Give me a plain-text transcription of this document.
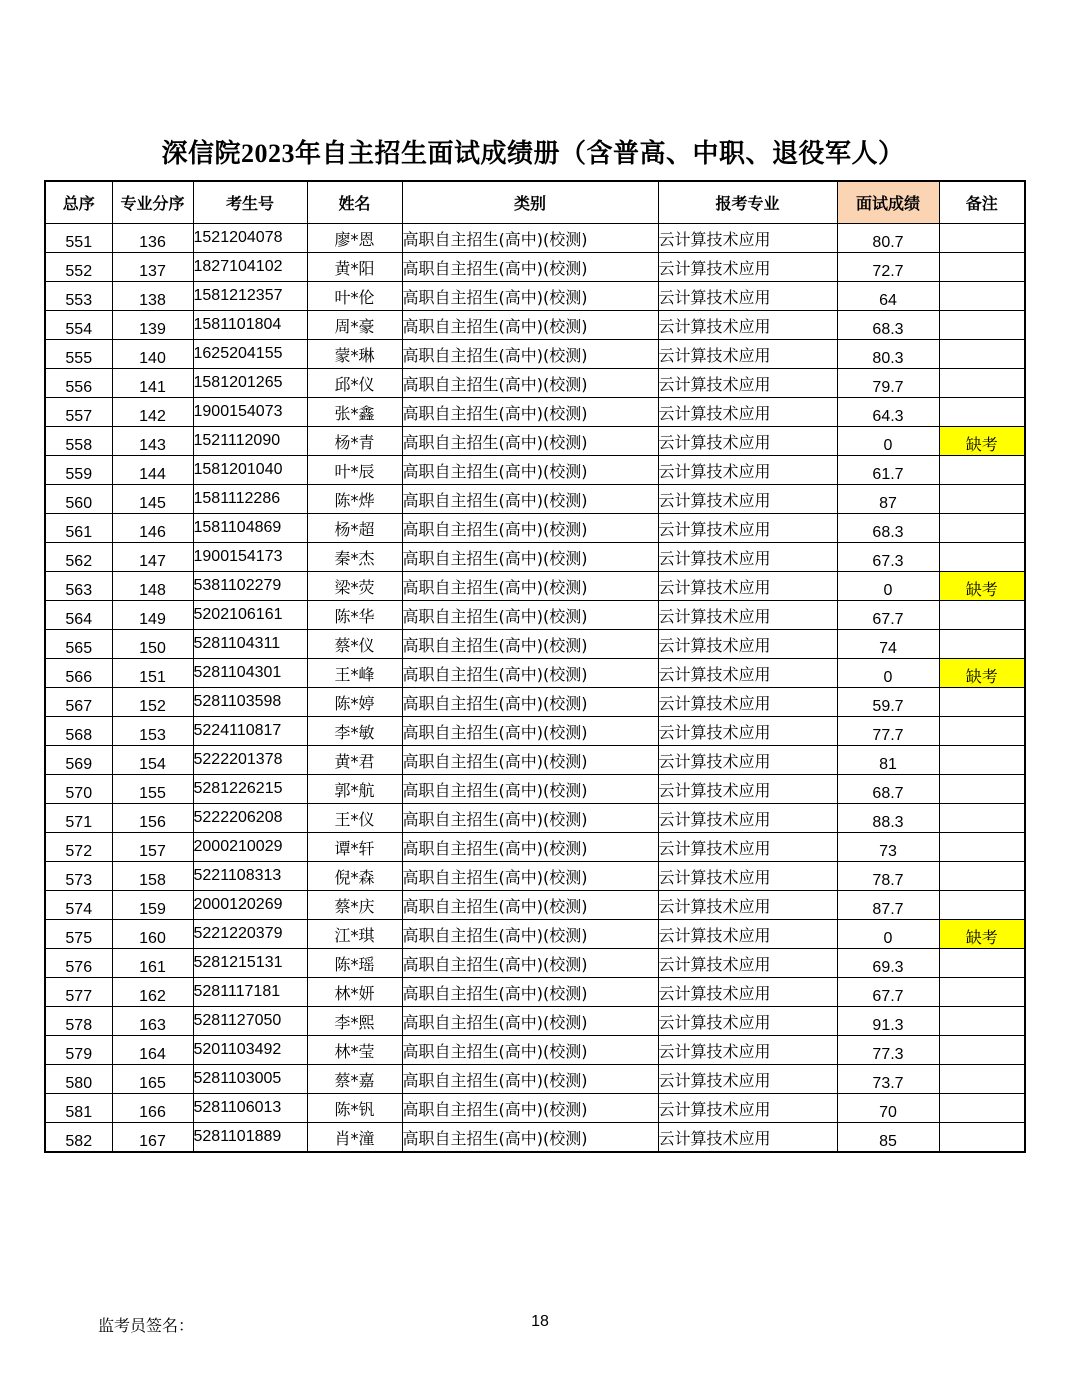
深信院2023年自主招生面试成绩册（含普高、中职、退役军人）
总序	专业分序	考生号	姓名	类别	报考专业	面试成绩	备注
551	136	1521204078	廖*恩	高职自主招生(高中)(校测)	云计算技术应用	80.7	
552	137	1827104102	黄*阳	高职自主招生(高中)(校测)	云计算技术应用	72.7	
553	138	1581212357	叶*伦	高职自主招生(高中)(校测)	云计算技术应用	64	
554	139	1581101804	周*豪	高职自主招生(高中)(校测)	云计算技术应用	68.3	
555	140	1625204155	蒙*琳	高职自主招生(高中)(校测)	云计算技术应用	80.3	
556	141	1581201265	邱*仪	高职自主招生(高中)(校测)	云计算技术应用	79.7	
557	142	1900154073	张*鑫	高职自主招生(高中)(校测)	云计算技术应用	64.3	
558	143	1521112090	杨*青	高职自主招生(高中)(校测)	云计算技术应用	0	缺考
559	144	1581201040	叶*辰	高职自主招生(高中)(校测)	云计算技术应用	61.7	
560	145	1581112286	陈*烨	高职自主招生(高中)(校测)	云计算技术应用	87	
561	146	1581104869	杨*超	高职自主招生(高中)(校测)	云计算技术应用	68.3	
562	147	1900154173	秦*杰	高职自主招生(高中)(校测)	云计算技术应用	67.3	
563	148	5381102279	梁*荧	高职自主招生(高中)(校测)	云计算技术应用	0	缺考
564	149	5202106161	陈*华	高职自主招生(高中)(校测)	云计算技术应用	67.7	
565	150	5281104311	蔡*仪	高职自主招生(高中)(校测)	云计算技术应用	74	
566	151	5281104301	王*峰	高职自主招生(高中)(校测)	云计算技术应用	0	缺考
567	152	5281103598	陈*婷	高职自主招生(高中)(校测)	云计算技术应用	59.7	
568	153	5224110817	李*敏	高职自主招生(高中)(校测)	云计算技术应用	77.7	
569	154	5222201378	黄*君	高职自主招生(高中)(校测)	云计算技术应用	81	
570	155	5281226215	郭*航	高职自主招生(高中)(校测)	云计算技术应用	68.7	
571	156	5222206208	王*仪	高职自主招生(高中)(校测)	云计算技术应用	88.3	
572	157	2000210029	谭*轩	高职自主招生(高中)(校测)	云计算技术应用	73	
573	158	5221108313	倪*森	高职自主招生(高中)(校测)	云计算技术应用	78.7	
574	159	2000120269	蔡*庆	高职自主招生(高中)(校测)	云计算技术应用	87.7	
575	160	5221220379	江*琪	高职自主招生(高中)(校测)	云计算技术应用	0	缺考
576	161	5281215131	陈*瑶	高职自主招生(高中)(校测)	云计算技术应用	69.3	
577	162	5281117181	林*妍	高职自主招生(高中)(校测)	云计算技术应用	67.7	
578	163	5281127050	李*熙	高职自主招生(高中)(校测)	云计算技术应用	91.3	
579	164	5201103492	林*莹	高职自主招生(高中)(校测)	云计算技术应用	77.3	
580	165	5281103005	蔡*嘉	高职自主招生(高中)(校测)	云计算技术应用	73.7	
581	166	5281106013	陈*钒	高职自主招生(高中)(校测)	云计算技术应用	70	
582	167	5281101889	肖*潼	高职自主招生(高中)(校测)	云计算技术应用	85	
监考员签名：	18
